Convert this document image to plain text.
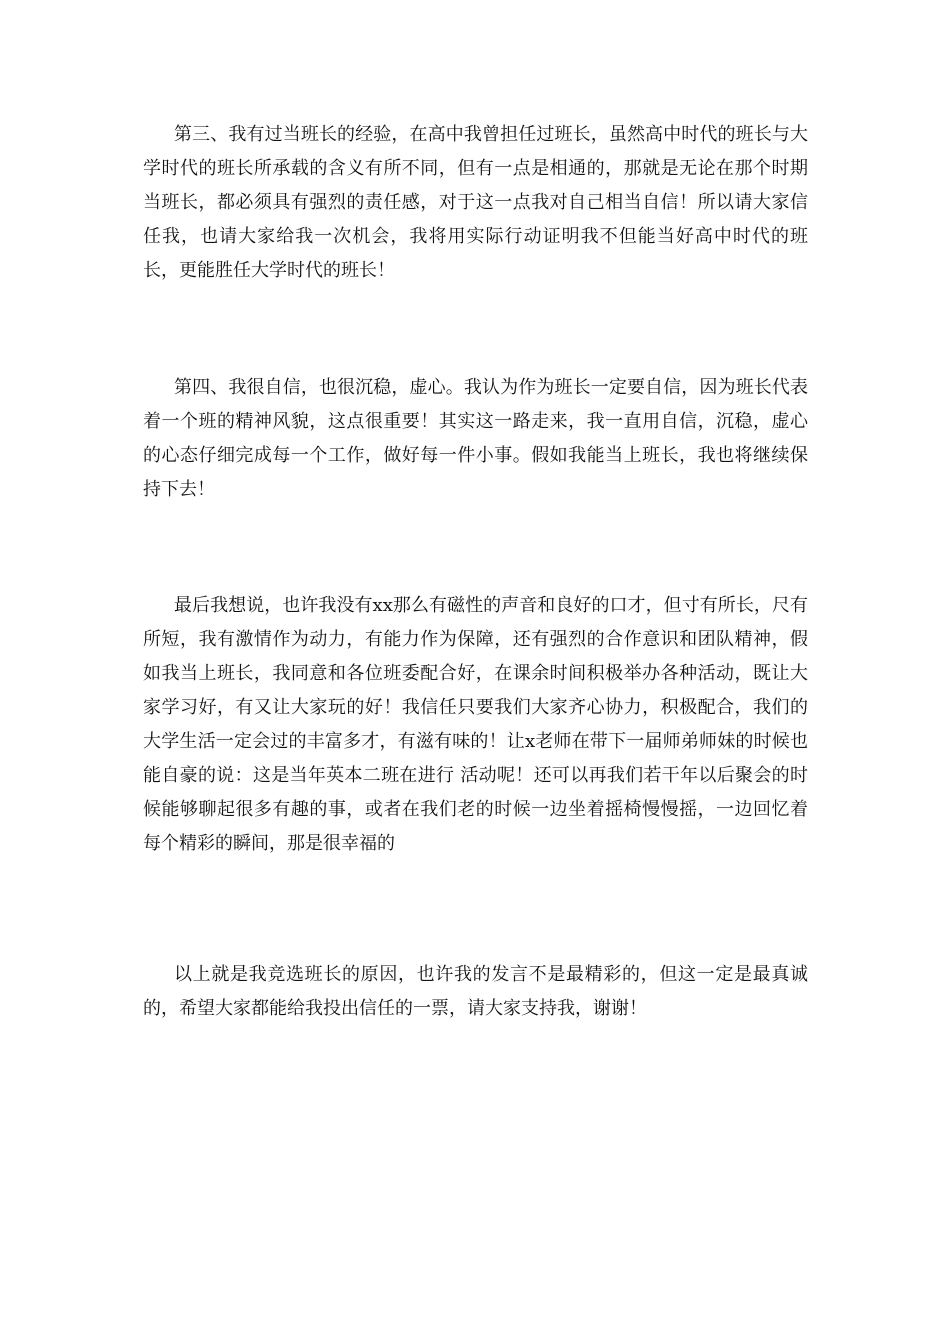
第三、我有过当班长的经验，在高中我曾担任过班长，虽然高中时代的班长与大学时代的班长所承载的含义有所不同，但有一点是相通的，那就是无论在那个时期当班长，都必须具有强烈的责任感，对于这一点我对自己相当自信！所以请大家信任我，也请大家给我一次机会，我将用实际行动证明我不但能当好高中时代的班长，更能胜任大学时代的班长！

第四、我很自信，也很沉稳，虚心。我认为作为班长一定要自信，因为班长代表着一个班的精神风貌，这点很重要！其实这一路走来，我一直用自信，沉稳，虚心的心态仔细完成每一个工作，做好每一件小事。假如我能当上班长，我也将继续保持下去！

最后我想说，也许我没有xx那么有磁性的声音和良好的口才，但寸有所长，尺有所短，我有激情作为动力，有能力作为保障，还有强烈的合作意识和团队精神，假如我当上班长，我同意和各位班委配合好，在课余时间积极举办各种活动，既让大家学习好，有又让大家玩的好！我信任只要我们大家齐心协力，积极配合，我们的大学生活一定会过的丰富多才，有滋有味的！让x老师在带下一届师弟师妹的时候也能自豪的说：这是当年英本二班在进行 活动呢！还可以再我们若干年以后聚会的时候能够聊起很多有趣的事，或者在我们老的时候一边坐着摇椅慢慢摇，一边回忆着每个精彩的瞬间，那是很幸福的

以上就是我竞选班长的原因，也许我的发言不是最精彩的，但这一定是最真诚的，希望大家都能给我投出信任的一票，请大家支持我，谢谢！
